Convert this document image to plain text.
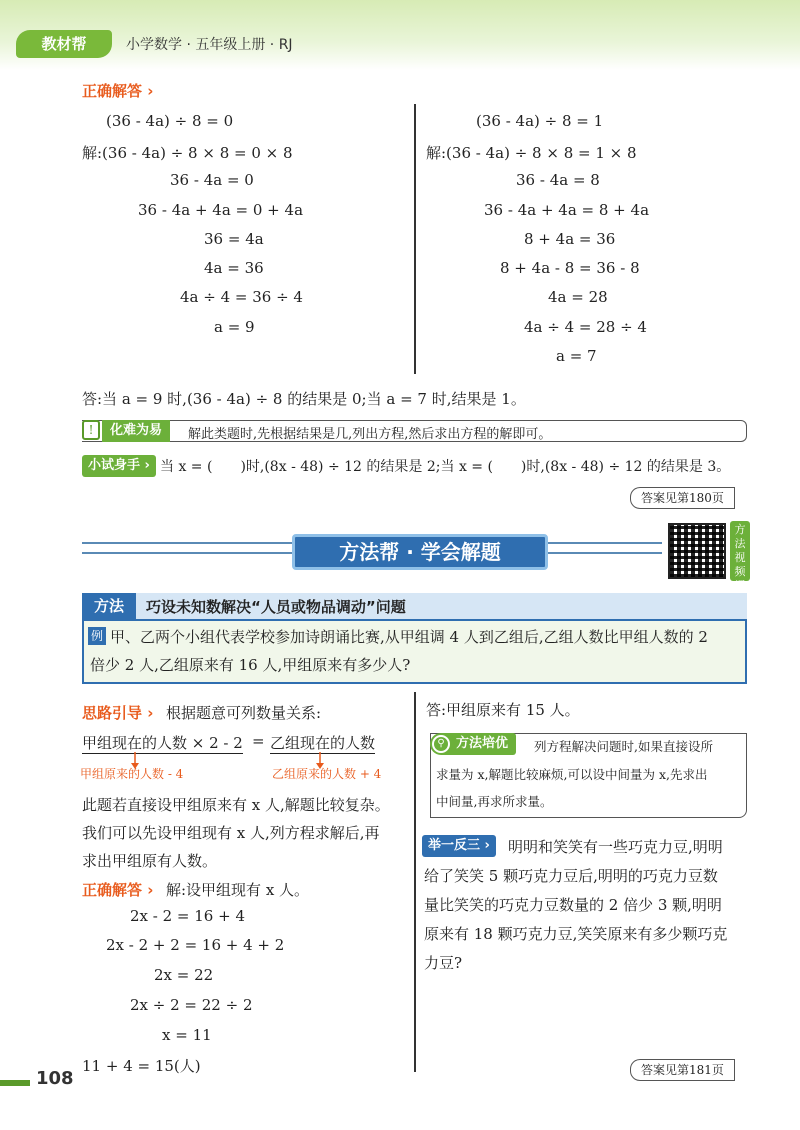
教材帮	小学数学 · 五年级上册 · RJ
正确解答 ›
(36 - 4a) ÷ 8 = 0
解:(36 - 4a) ÷ 8 × 8 = 0 × 8
36 - 4a = 0
36 - 4a + 4a = 0 + 4a
36 = 4a
4a = 36
4a ÷ 4 = 36 ÷ 4
a = 9
(36 - 4a) ÷ 8 = 1
解:(36 - 4a) ÷ 8 × 8 = 1 × 8
36 - 4a = 8
36 - 4a + 4a = 8 + 4a
8 + 4a = 36
8 + 4a - 8 = 36 - 8
4a = 28
4a ÷ 4 = 28 ÷ 4
a = 7
答:当 a = 9 时,(36 - 4a) ÷ 8 的结果是 0;当 a = 7 时,结果是 1。
!	化难为易	解此类题时,先根据结果是几,列出方程,然后求出方程的解即可。
小试身手 › 当 x = (　　)时,(8x - 48) ÷ 12 的结果是 2;当 x = (　　)时,(8x - 48) ÷ 12 的结果是 3。
答案见第180页
方法帮 · 学会解题
方法视频课
方法	巧设未知数解决“人员或物品调动”问题
例 甲、乙两个小组代表学校参加诗朗诵比赛,从甲组调 4 人到乙组后,乙组人数比甲组人数的 2
倍少 2 人,乙组原来有 16 人,甲组原来有多少人?
思路引导 › 根据题意可列数量关系:
甲组现在的人数 × 2 - 2 = 乙组现在的人数
甲组原来的人数 - 4	乙组原来的人数 + 4
此题若直接设甲组原来有 x 人,解题比较复杂。
我们可以先设甲组现有 x 人,列方程求解后,再
求出甲组原有人数。
正确解答 › 解:设甲组现有 x 人。
2x - 2 = 16 + 4
2x - 2 + 2 = 16 + 4 + 2
2x = 22
2x ÷ 2 = 22 ÷ 2
x = 11
11 + 4 = 15(人)
答:甲组原来有 15 人。
方法培优
⚲	列方程解决问题时,如果直接设所
求量为 x,解题比较麻烦,可以设中间量为 x,先求出
中间量,再求所求量。
举一反三 ›	明明和笑笑有一些巧克力豆,明明
给了笑笑 5 颗巧克力豆后,明明的巧克力豆数
量比笑笑的巧克力豆数量的 2 倍少 3 颗,明明
原来有 18 颗巧克力豆,笑笑原来有多少颗巧克
力豆?
答案见第181页
108
